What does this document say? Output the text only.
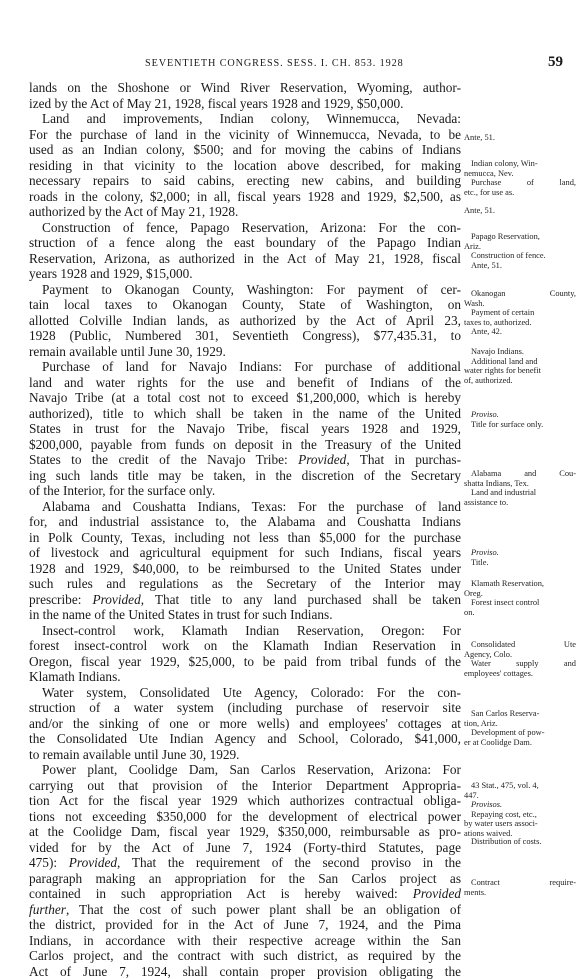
SEVENTIETH CONGRESS. SESS. I. CH. 853. 1928	59
lands on the Shoshone or Wind River Reservation, Wyoming, author-
ized by the Act of May 21, 1928, fiscal years 1928 and 1929, $50,000.
Land and improvements, Indian colony, Winnemucca, Nevada:
For the purchase of land in the vicinity of Winnemucca, Nevada, to be
used as an Indian colony, $500; and for moving the cabins of Indians
residing in that vicinity to the location above described, for making
necessary repairs to said cabins, erecting new cabins, and building
roads in the colony, $2,000; in all, fiscal years 1928 and 1929, $2,500, as
authorized by the Act of May 21, 1928.
Construction of fence, Papago Reservation, Arizona: For the con-
struction of a fence along the east boundary of the Papago Indian
Reservation, Arizona, as authorized in the Act of May 21, 1928, fiscal
years 1928 and 1929, $15,000.
Payment to Okanogan County, Washington: For payment of cer-
tain local taxes to Okanogan County, State of Washington, on
allotted Colville Indian lands, as authorized by the Act of April 23,
1928 (Public, Numbered 301, Seventieth Congress), $77,435.31, to
remain available until June 30, 1929.
Purchase of land for Navajo Indians: For purchase of additional
land and water rights for the use and benefit of Indians of the
Navajo Tribe (at a total cost not to exceed $1,200,000, which is hereby
authorized), title to which shall be taken in the name of the United
States in trust for the Navajo Tribe, fiscal years 1928 and 1929,
$200,000, payable from funds on deposit in the Treasury of the United
States to the credit of the Navajo Tribe: Provided, That in purchas-
ing such lands title may be taken, in the discretion of the Secretary
of the Interior, for the surface only.
Alabama and Coushatta Indians, Texas: For the purchase of land
for, and industrial assistance to, the Alabama and Coushatta Indians
in Polk County, Texas, including not less than $5,000 for the purchase
of livestock and agricultural equipment for such Indians, fiscal years
1928 and 1929, $40,000, to be reimbursed to the United States under
such rules and regulations as the Secretary of the Interior may
prescribe: Provided, That title to any land purchased shall be taken
in the name of the United States in trust for such Indians.
Insect-control work, Klamath Indian Reservation, Oregon: For
forest insect-control work on the Klamath Indian Reservation in
Oregon, fiscal year 1929, $25,000, to be paid from tribal funds of the
Klamath Indians.
Water system, Consolidated Ute Agency, Colorado: For the con-
struction of a water system (including purchase of reservoir site
and/or the sinking of one or more wells) and employees' cottages at
the Consolidated Ute Indian Agency and School, Colorado, $41,000,
to remain available until June 30, 1929.
Power plant, Coolidge Dam, San Carlos Reservation, Arizona: For
carrying out that provision of the Interior Department Appropria-
tion Act for the fiscal year 1929 which authorizes contractual obliga-
tions not exceeding $350,000 for the development of electrical power
at the Coolidge Dam, fiscal year 1929, $350,000, reimbursable as pro-
vided for by the Act of June 7, 1924 (Forty-third Statutes, page
475): Provided, That the requirement of the second proviso in the
paragraph making an appropriation for the San Carlos project as
contained in such appropriation Act is hereby waived: Provided
further, That the cost of such power plant shall be an obligation of
the district, provided for in the Act of June 7, 1924, and the Pima
Indians, in accordance with their respective acreage within the San
Carlos project, and the contract with such district, as required by the
Act of June 7, 1924, shall contain proper provision obligating the
Ante, 51.
Indian colony, Win-
nemucca, Nev.
Purchase of land,
etc., for use as.
Ante, 51.
Papago Reservation,
Ariz.
Construction of fence.
Ante, 51.
Okanogan County,
Wash.
Payment of certain
taxes to, authorized.
Ante, 42.
Navajo Indians.
Additional land and
water rights for benefit
of, authorized.
Proviso.
Title for surface only.
Alabama and Cou-
shatta Indians, Tex.
Land and industrial
assistance to.
Proviso.
Title.
Klamath Reservation,
Oreg.
Forest insect control
on.
Consolidated Ute
Agency, Colo.
Water supply and
employees' cottages.
San Carlos Reserva-
tion, Ariz.
Development of pow-
er at Coolidge Dam.
43 Stat., 475, vol. 4,
447.
Provisos.
Repaying cost, etc.,
by water users associ-
ations waived.
Distribution of costs.
Contract require-
ments.
